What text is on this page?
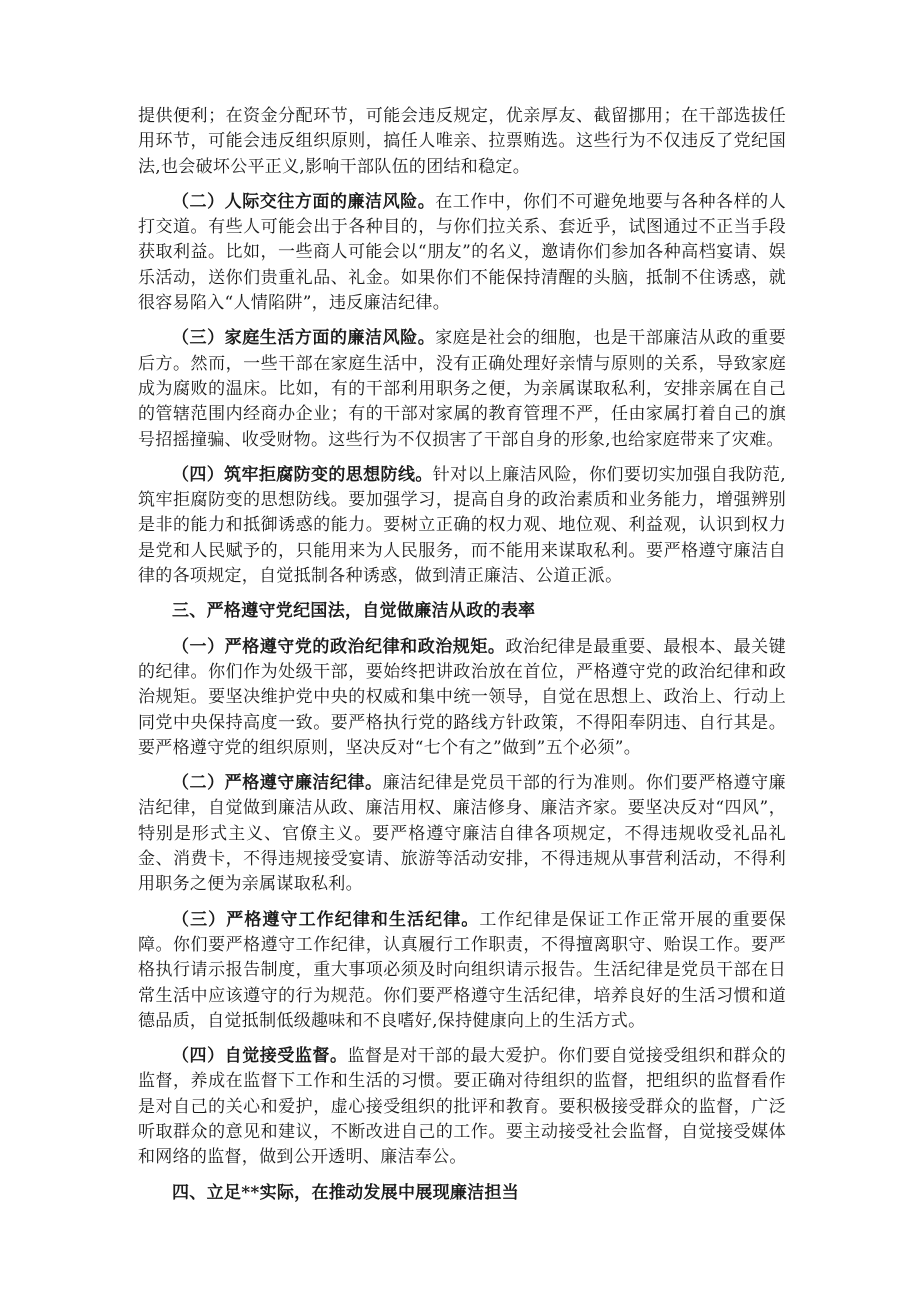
提供便利；在资金分配环节，可能会违反规定，优亲厚友、截留挪用；在干部选拔任用环节，可能会违反组织原则，搞任人唯亲、拉票贿选。这些行为不仅违反了党纪国法,也会破坏公平正义,影响干部队伍的团结和稳定。

（二）人际交往方面的廉洁风险。在工作中，你们不可避免地要与各种各样的人打交道。有些人可能会出于各种目的，与你们拉关系、套近乎，试图通过不正当手段获取利益。比如，一些商人可能会以“朋友”的名义，邀请你们参加各种高档宴请、娱乐活动，送你们贵重礼品、礼金。如果你们不能保持清醒的头脑，抵制不住诱惑，就很容易陷入“人情陷阱”，违反廉洁纪律。

（三）家庭生活方面的廉洁风险。家庭是社会的细胞，也是干部廉洁从政的重要后方。然而，一些干部在家庭生活中，没有正确处理好亲情与原则的关系，导致家庭成为腐败的温床。比如，有的干部利用职务之便，为亲属谋取私利，安排亲属在自己的管辖范围内经商办企业；有的干部对家属的教育管理不严，任由家属打着自己的旗号招摇撞骗、收受财物。这些行为不仅损害了干部自身的形象,也给家庭带来了灾难。

（四）筑牢拒腐防变的思想防线。针对以上廉洁风险，你们要切实加强自我防范,筑牢拒腐防变的思想防线。要加强学习，提高自身的政治素质和业务能力，增强辨别是非的能力和抵御诱惑的能力。要树立正确的权力观、地位观、利益观，认识到权力是党和人民赋予的，只能用来为人民服务，而不能用来谋取私利。要严格遵守廉洁自律的各项规定，自觉抵制各种诱惑，做到清正廉洁、公道正派。

三、严格遵守党纪国法，自觉做廉洁从政的表率

（一）严格遵守党的政治纪律和政治规矩。政治纪律是最重要、最根本、最关键的纪律。你们作为处级干部，要始终把讲政治放在首位，严格遵守党的政治纪律和政治规矩。要坚决维护党中央的权威和集中统一领导，自觉在思想上、政治上、行动上同党中央保持高度一致。要严格执行党的路线方针政策，不得阳奉阴违、自行其是。要严格遵守党的组织原则，坚决反对“七个有之”做到”五个必须”。

（二）严格遵守廉洁纪律。廉洁纪律是党员干部的行为准则。你们要严格遵守廉洁纪律，自觉做到廉洁从政、廉洁用权、廉洁修身、廉洁齐家。要坚决反对“四风”，特别是形式主义、官僚主义。要严格遵守廉洁自律各项规定，不得违规收受礼品礼金、消费卡，不得违规接受宴请、旅游等活动安排，不得违规从事营利活动，不得利用职务之便为亲属谋取私利。

（三）严格遵守工作纪律和生活纪律。工作纪律是保证工作正常开展的重要保障。你们要严格遵守工作纪律，认真履行工作职责，不得擅离职守、贻误工作。要严格执行请示报告制度，重大事项必须及时向组织请示报告。生活纪律是党员干部在日常生活中应该遵守的行为规范。你们要严格遵守生活纪律，培养良好的生活习惯和道德品质，自觉抵制低级趣味和不良嗜好,保持健康向上的生活方式。

（四）自觉接受监督。监督是对干部的最大爱护。你们要自觉接受组织和群众的监督，养成在监督下工作和生活的习惯。要正确对待组织的监督，把组织的监督看作是对自己的关心和爱护，虚心接受组织的批评和教育。要积极接受群众的监督，广泛听取群众的意见和建议，不断改进自己的工作。要主动接受社会监督，自觉接受媒体和网络的监督，做到公开透明、廉洁奉公。

四、立足**实际，在推动发展中展现廉洁担当
